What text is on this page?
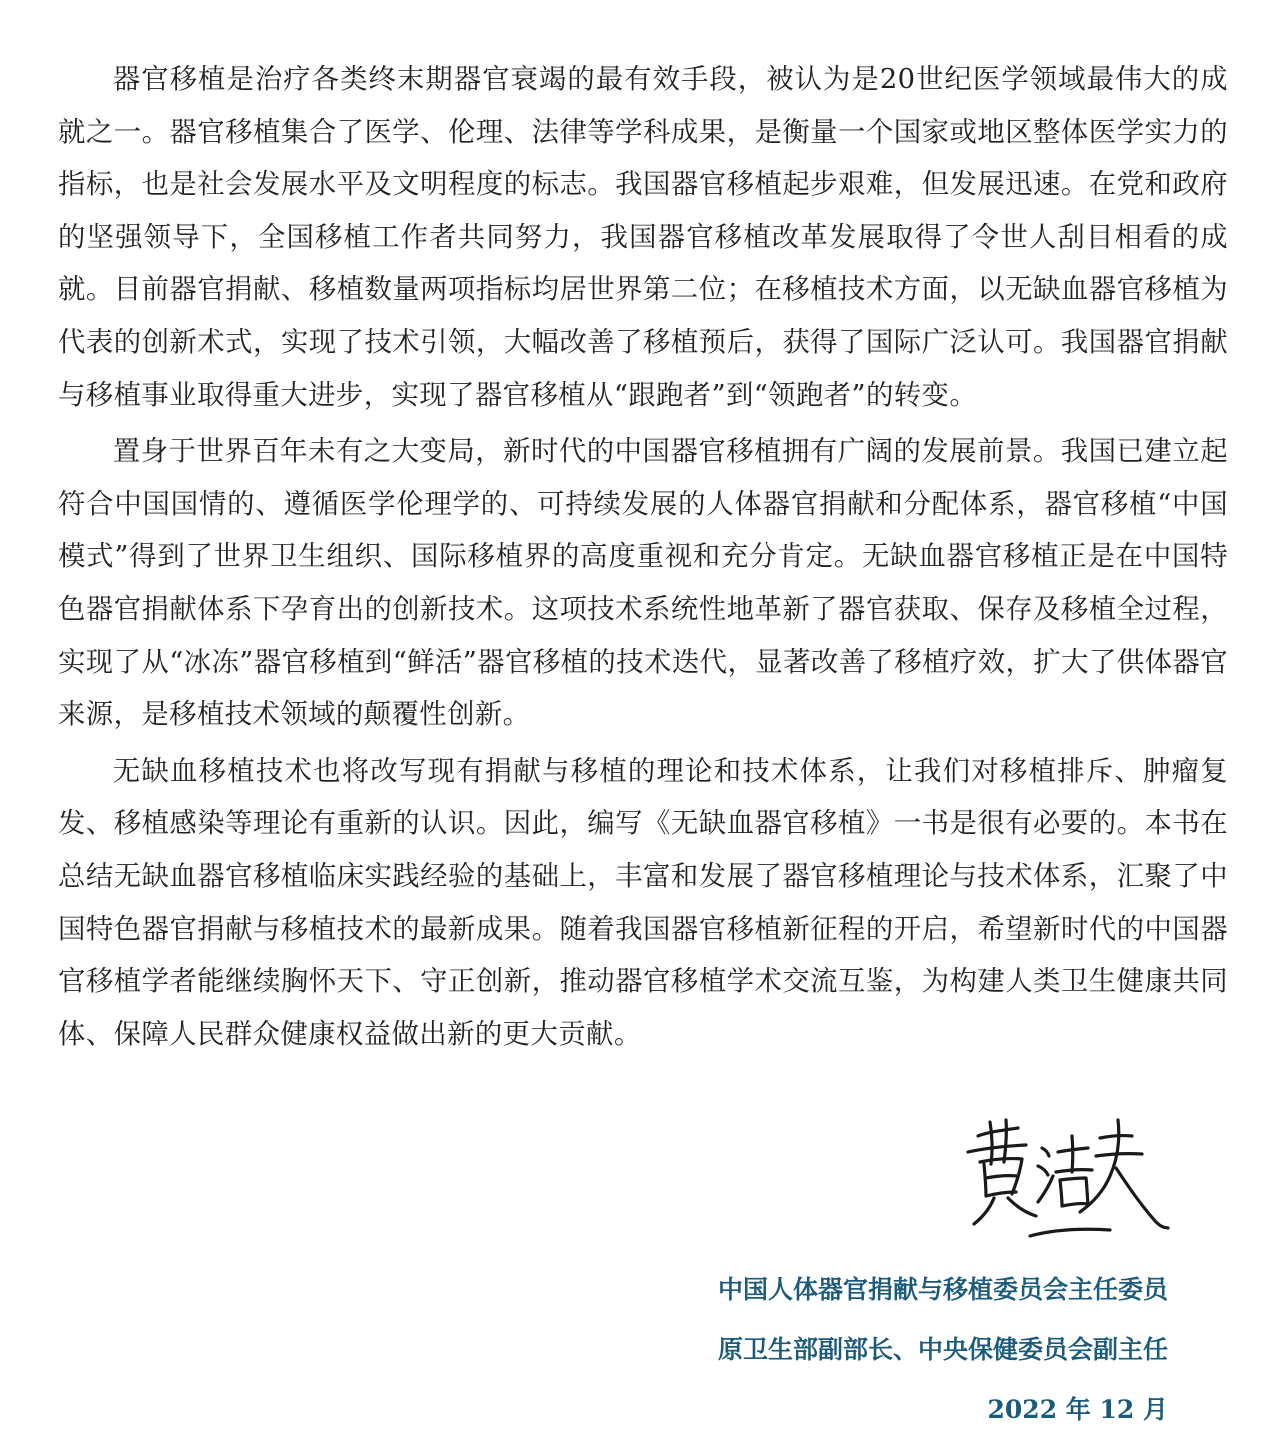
器官移植是治疗各类终末期器官衰竭的最有效手段，被认为是20世纪医学领域最伟大的成就之一。器官移植集合了医学、伦理、法律等学科成果，是衡量一个国家或地区整体医学实力的指标，也是社会发展水平及文明程度的标志。我国器官移植起步艰难，但发展迅速。在党和政府的坚强领导下，全国移植工作者共同努力，我国器官移植改革发展取得了令世人刮目相看的成就。目前器官捐献、移植数量两项指标均居世界第二位；在移植技术方面，以无缺血器官移植为代表的创新术式，实现了技术引领，大幅改善了移植预后，获得了国际广泛认可。我国器官捐献与移植事业取得重大进步，实现了器官移植从“跟跑者”到“领跑者”的转变。

置身于世界百年未有之大变局，新时代的中国器官移植拥有广阔的发展前景。我国已建立起符合中国国情的、遵循医学伦理学的、可持续发展的人体器官捐献和分配体系，器官移植“中国模式”得到了世界卫生组织、国际移植界的高度重视和充分肯定。无缺血器官移植正是在中国特色器官捐献体系下孕育出的创新技术。这项技术系统性地革新了器官获取、保存及移植全过程，实现了从“冰冻”器官移植到“鲜活”器官移植的技术迭代，显著改善了移植疗效，扩大了供体器官来源，是移植技术领域的颠覆性创新。

无缺血移植技术也将改写现有捐献与移植的理论和技术体系，让我们对移植排斥、肿瘤复发、移植感染等理论有重新的认识。因此，编写《无缺血器官移植》一书是很有必要的。本书在总结无缺血器官移植临床实践经验的基础上，丰富和发展了器官移植理论与技术体系，汇聚了中国特色器官捐献与移植技术的最新成果。随着我国器官移植新征程的开启，希望新时代的中国器官移植学者能继续胸怀天下、守正创新，推动器官移植学术交流互鉴，为构建人类卫生健康共同体、保障人民群众健康权益做出新的更大贡献。

中国人体器官捐献与移植委员会主任委员
原卫生部副部长、中央保健委员会副主任
2022 年 12 月
